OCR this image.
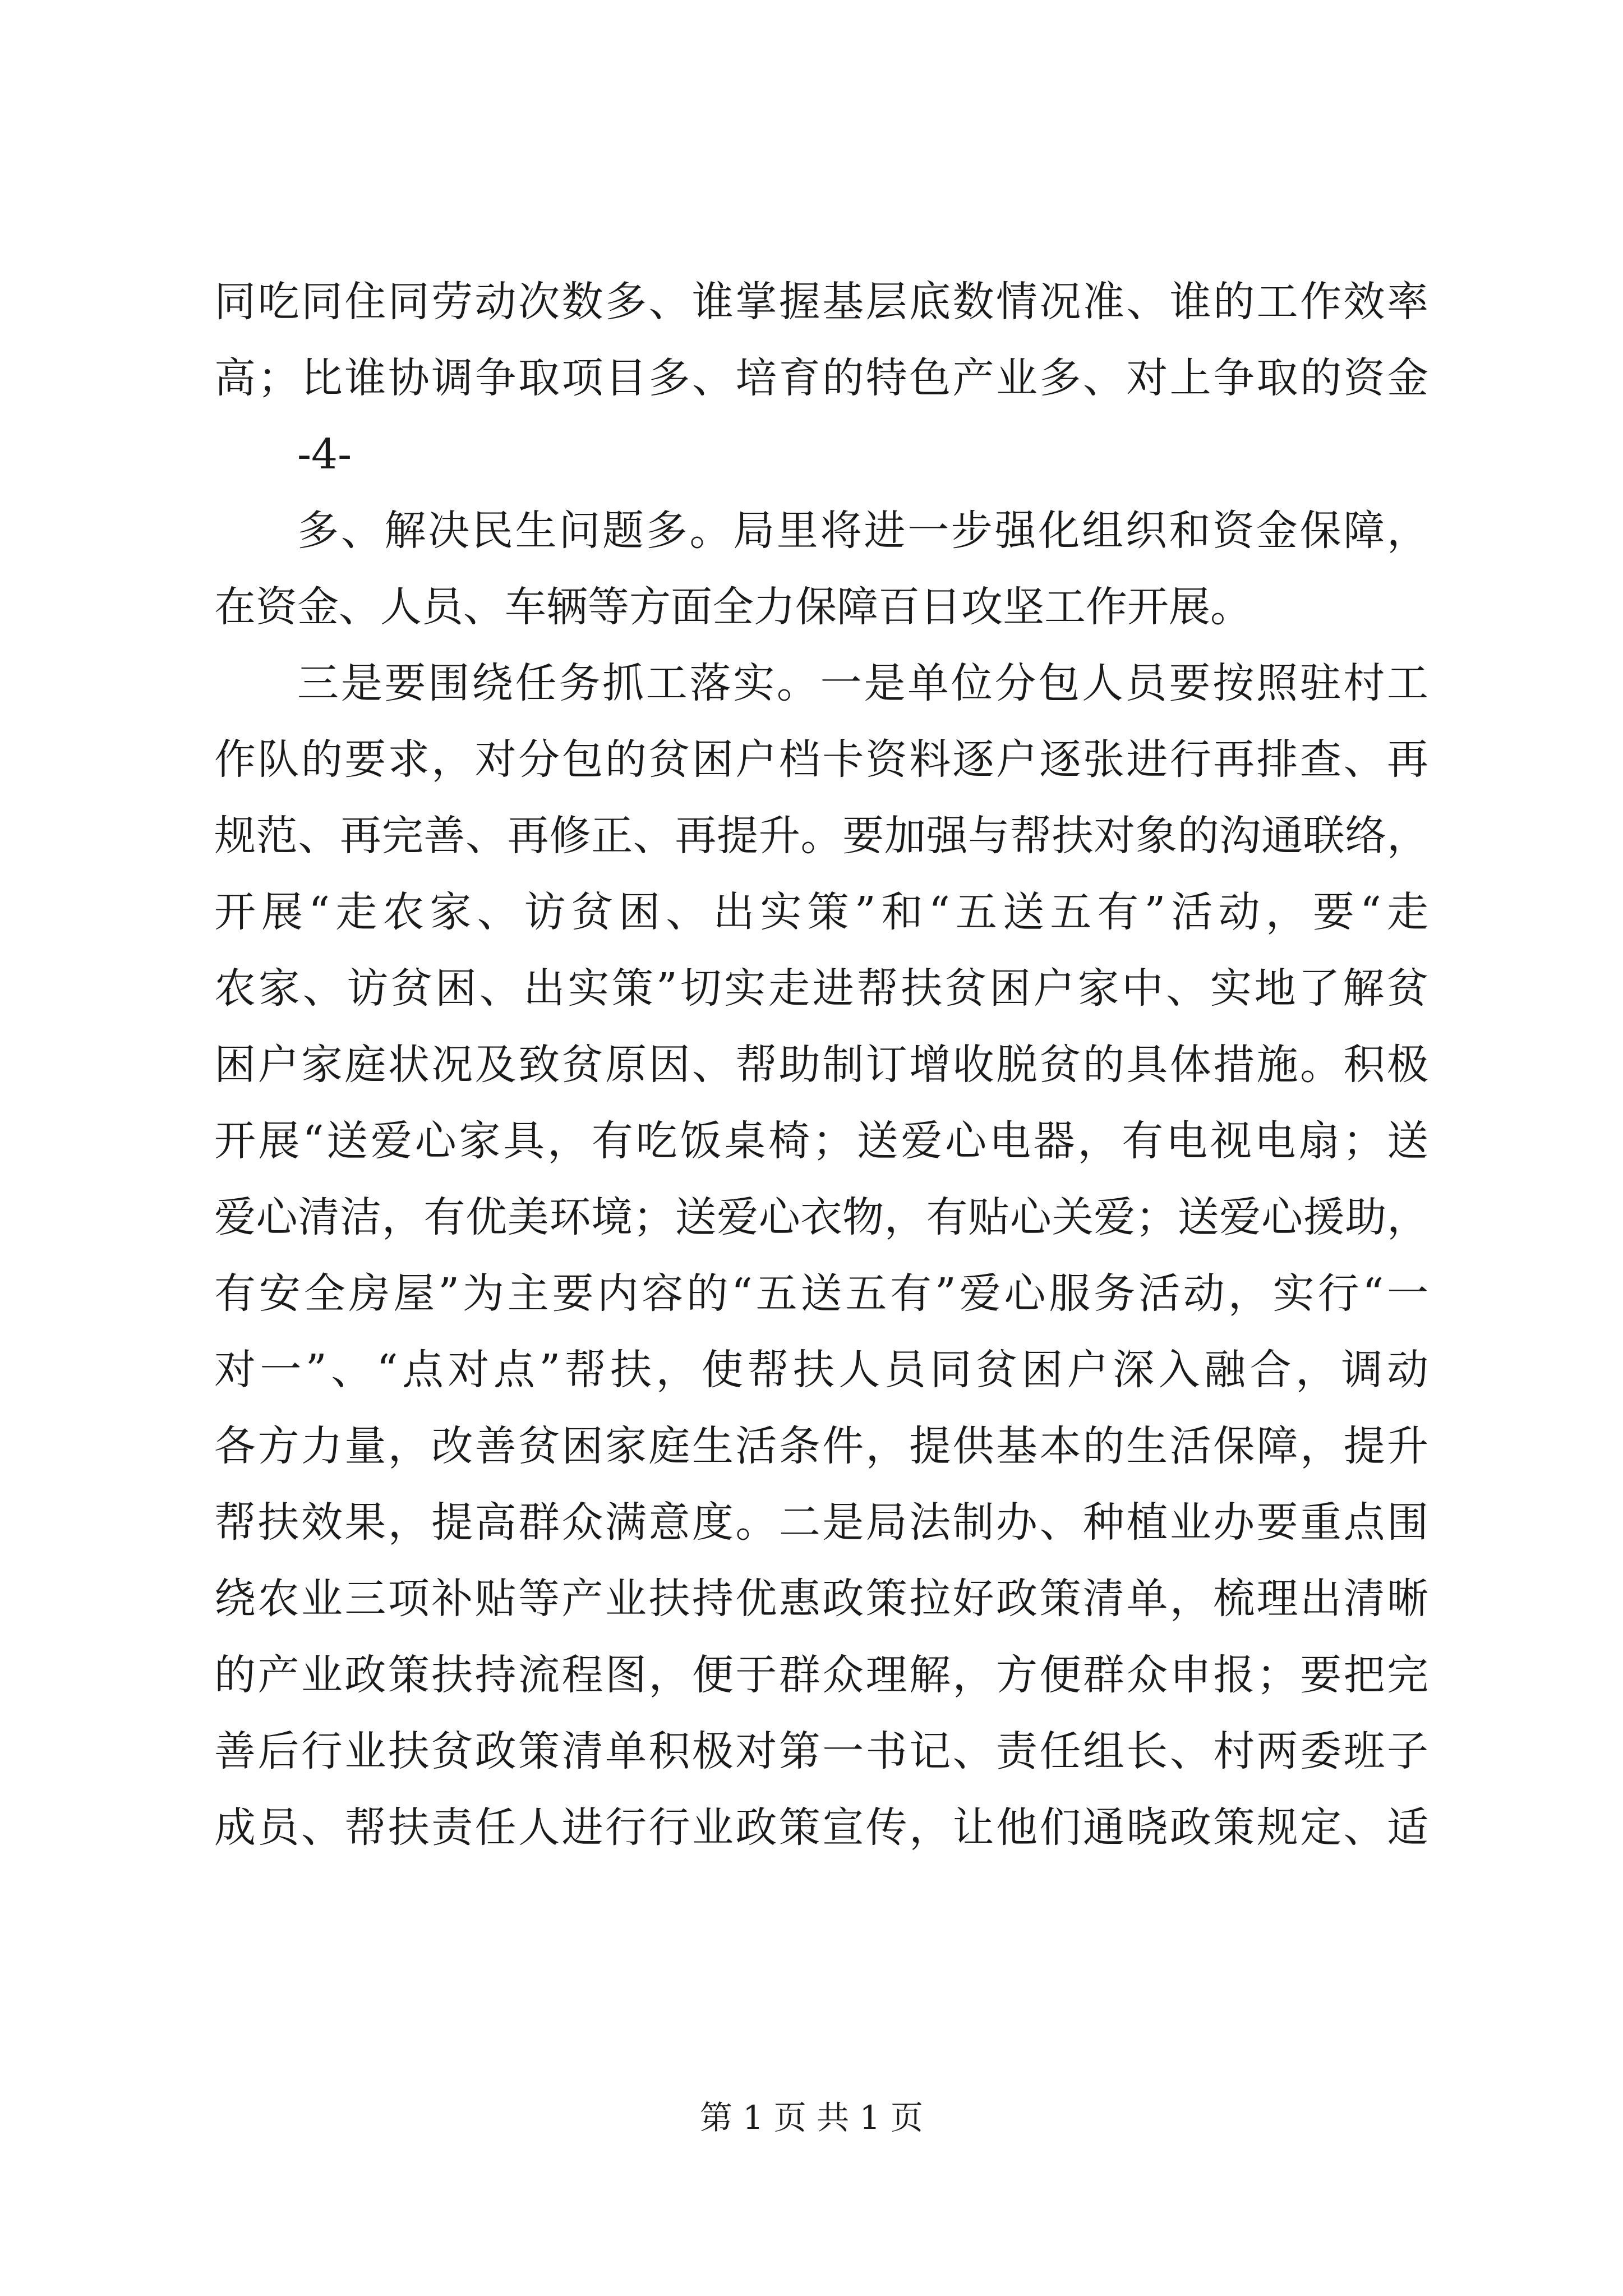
同吃同住同劳动次数多、谁掌握基层底数情况准、谁的工作效率
高；比谁协调争取项目多、培育的特色产业多、对上争取的资金
-4-
多、解决民生问题多。局里将进一步强化组织和资金保障，
在资金、人员、车辆等方面全力保障百日攻坚工作开展。
三是要围绕任务抓工落实。一是单位分包人员要按照驻村工
作队的要求，对分包的贫困户档卡资料逐户逐张进行再排查、再
规范、再完善、再修正、再提升。要加强与帮扶对象的沟通联络，
开展“走农家、访贫困、出实策”和“五送五有”活动，要“走
农家、访贫困、出实策”切实走进帮扶贫困户家中、实地了解贫
困户家庭状况及致贫原因、帮助制订增收脱贫的具体措施。积极
开展“送爱心家具，有吃饭桌椅；送爱心电器，有电视电扇；送
爱心清洁，有优美环境；送爱心衣物，有贴心关爱；送爱心援助，
有安全房屋”为主要内容的“五送五有”爱心服务活动，实行“一
对一”、“点对点”帮扶，使帮扶人员同贫困户深入融合，调动
各方力量，改善贫困家庭生活条件，提供基本的生活保障，提升
帮扶效果，提高群众满意度。二是局法制办、种植业办要重点围
绕农业三项补贴等产业扶持优惠政策拉好政策清单，梳理出清晰
的产业政策扶持流程图，便于群众理解，方便群众申报；要把完
善后行业扶贫政策清单积极对第一书记、责任组长、村两委班子
成员、帮扶责任人进行行业政策宣传，让他们通晓政策规定、适
第 1 页 共 1 页
